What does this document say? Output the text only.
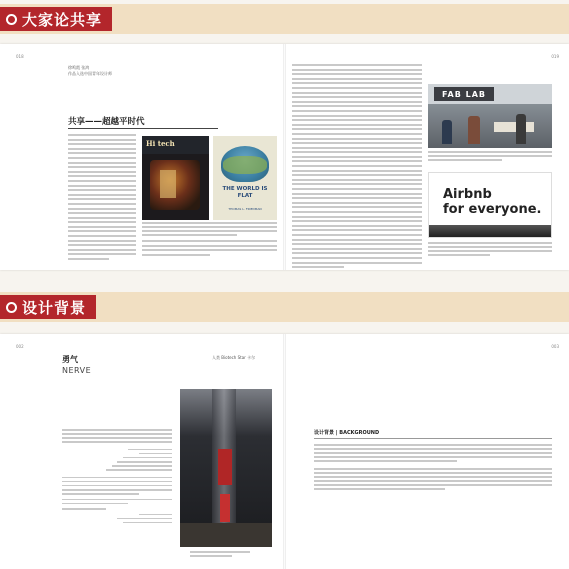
大家论共享
018	019
徐鸣霞 张鸿
作品入选中国青年设计师
共享——超越平时代
Hi tech
THE WORLD IS FLAT
THOMAS L. FRIEDMAN
FAB LAB
Airbnb
for everyone.
设计背景
002	003
勇气
NERVE
人类 Biotech Star 卡尔
设计背景 | BACKGROUND
